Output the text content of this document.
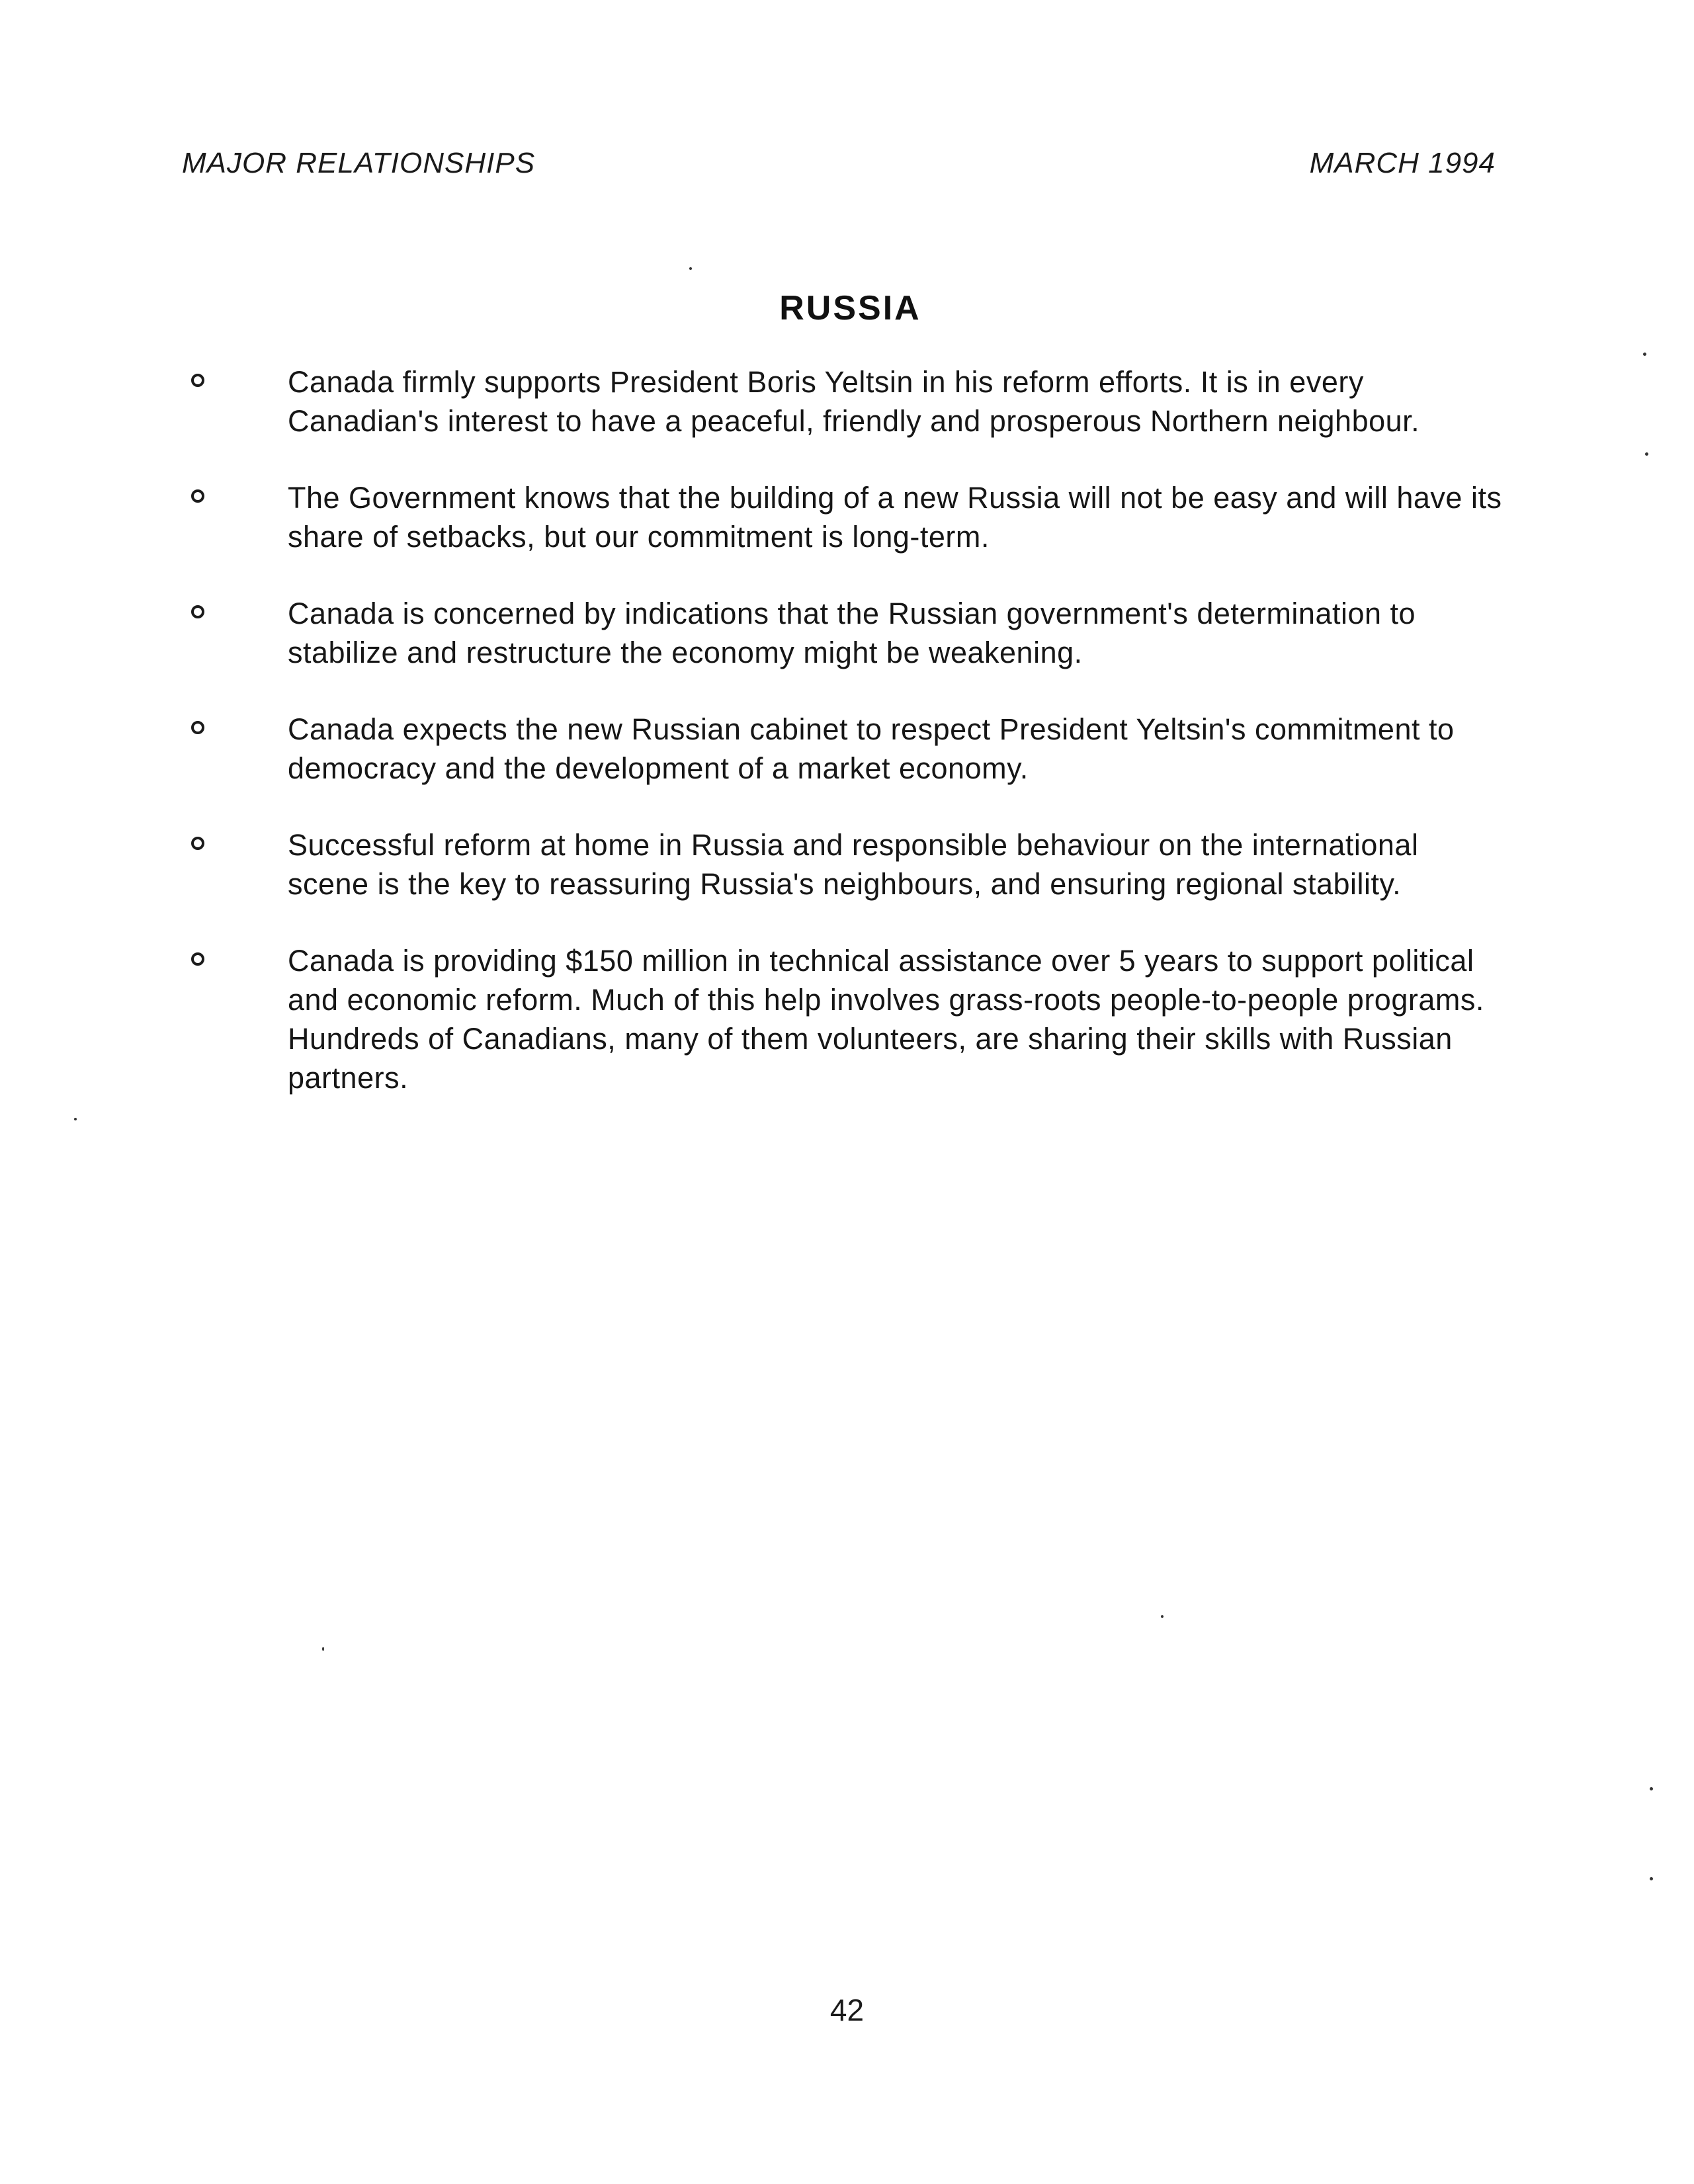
MAJOR RELATIONSHIPS	MARCH 1994
RUSSIA
Canada firmly supports President Boris Yeltsin in his reform efforts. It is in every Canadian's interest to have a peaceful, friendly and prosperous Northern neighbour.
The Government knows that the building of a new Russia will not be easy and will have its share of setbacks, but our commitment is long-term.
Canada is concerned by indications that the Russian government's determination to stabilize and restructure the economy might be weakening.
Canada expects the new Russian cabinet to respect President Yeltsin's commitment to democracy and the development of a market economy.
Successful reform at home in Russia and responsible behaviour on the international scene is the key to reassuring Russia's neighbours, and ensuring regional stability.
Canada is providing $150 million in technical assistance over 5 years to support political and economic reform. Much of this help involves grass-roots people-to-people programs. Hundreds of Canadians, many of them volunteers, are sharing their skills with Russian partners.
42
